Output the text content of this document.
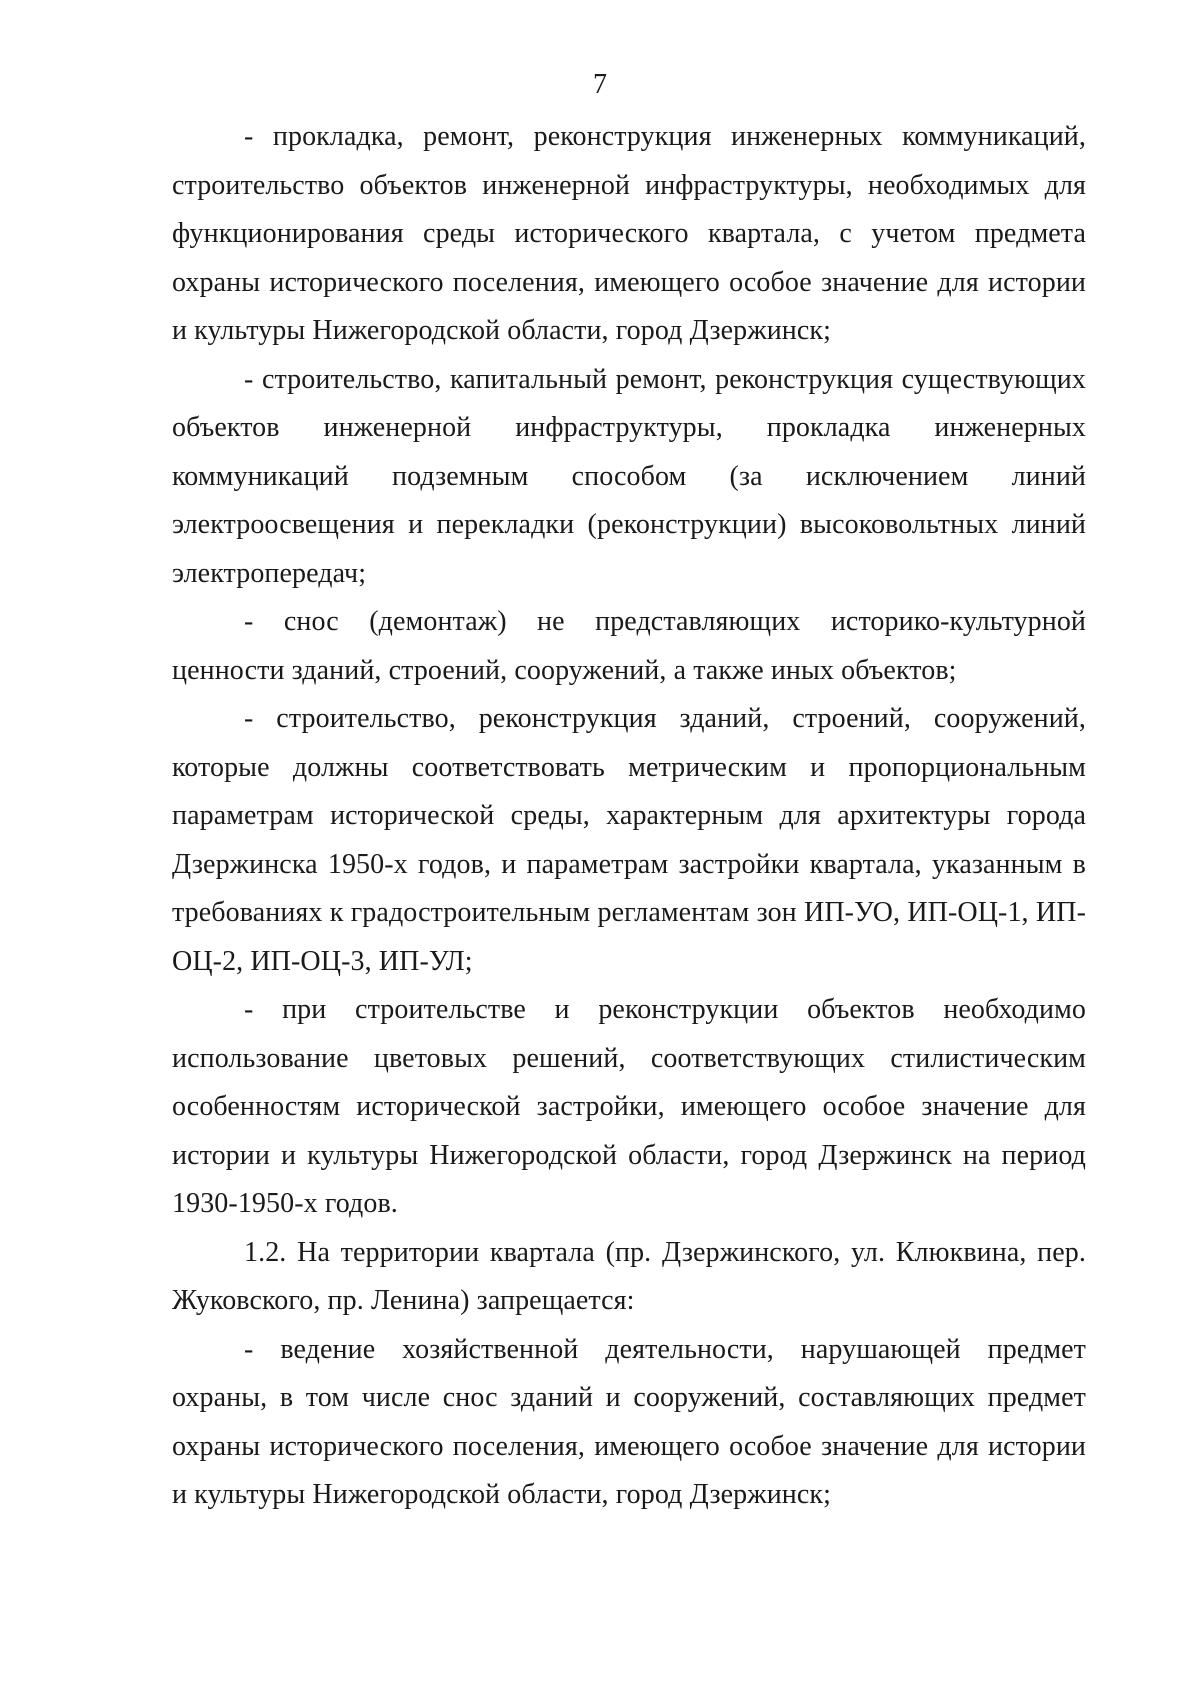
7

- прокладка, ремонт, реконструкция инженерных коммуникаций, строительство объектов инженерной инфраструктуры, необходимых для функционирования среды исторического квартала, с учетом предмета охраны исторического поселения, имеющего особое значение для истории и культуры Нижегородской области, город Дзержинск;

- строительство, капитальный ремонт, реконструкция существующих объектов инженерной инфраструктуры, прокладка инженерных коммуникаций подземным способом (за исключением линий электроосвещения и перекладки (реконструкции) высоковольтных линий электропередач;

- снос (демонтаж) не представляющих историко-культурной ценности зданий, строений, сооружений, а также иных объектов;

- строительство, реконструкция зданий, строений, сооружений, которые должны соответствовать метрическим и пропорциональным параметрам исторической среды, характерным для архитектуры города Дзержинска 1950-х годов, и параметрам застройки квартала, указанным в требованиях к градостроительным регламентам зон ИП-УО, ИП-ОЦ-1, ИП-ОЦ-2, ИП-ОЦ-3, ИП-УЛ;

- при строительстве и реконструкции объектов необходимо использование цветовых решений, соответствующих стилистическим особенностям исторической застройки, имеющего особое значение для истории и культуры Нижегородской области, город Дзержинск на период 1930-1950-х годов.

1.2. На территории квартала (пр. Дзержинского, ул. Клюквина, пер. Жуковского, пр. Ленина) запрещается:

- ведение хозяйственной деятельности, нарушающей предмет охраны, в том числе снос зданий и сооружений, составляющих предмет охраны исторического поселения, имеющего особое значение для истории и культуры Нижегородской области, город Дзержинск;
